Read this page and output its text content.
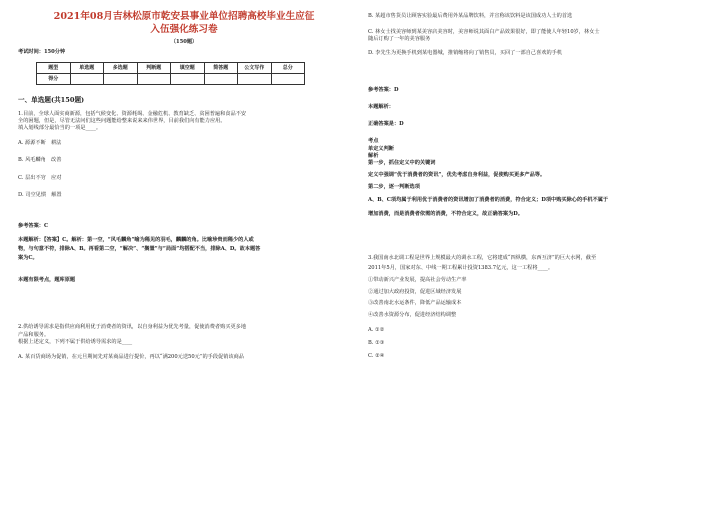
2021年08月吉林松原市乾安县事业单位招聘高校毕业生应征
入伍强化练习卷
（150题）
考试时间：150分钟
题型	单选题	多选题	判断题	填空题	简答题	公文写作	总分
得分							
一、单选题(共150题)
1.目前，全球人面实商新源，包括气候变化、资源耗竭、金融危机、教育缺乏、贫困普遍和食品不安
全的困题，但是，尽管无法问们这些问题能给整来说来来伟世界，目前我们向有能力应用。
填入划线部分最恰当的一项是____。
A. 源源不断　耕法
B. 风毛麟角　改善
C. 层出不穷　应对
D. 司空见惯　解置
参考答案：C
本题解析：【答案】C。解析：第一空，“风毛麟角”喻为稀见的羽毛，麟麟的角。比喻珍贵而稀少的人或
物，与句意不符，排除A、B。再看第二空，“解决”、“搁置”与“局面”均搭配不当，排除A、D。故本题答
案为C。
本题有限考点，题库原题
2.供给诱导需求是指供应商利用优于消费者的资讯，以自身利益为优先考量，促使消费者购买更多地
产品和服务。
根据上述定义，下列不属于供给诱导需求的是____
A. 某百货商场为促销，在元旦期间先对某商品进行提价，再以“满200元送50元”的手段促销该商品
B. 某超市售货员让顾客实验最后费用外某品牌饮料，并宣称该饮料是该国成功人士的首选
C. 林女士找美容师到某美容店美容时，美容师说其面白产品效果很好，即了能使人年轻10岁，林女士
随后订购了一年的美容服务
D. 李先生为更换手机到某电器城，推销缩将向了销售员，买回了一部自己喜欢的手机
参考答案：D
本题解析：
正确答案是：D
考点
单定义判断
解析
第一步，抓住定义中的关键词
定义中强调“优于消费者的资讯”，优先考虑自身利益，促使购买更多产品等。
第二步，逐一判断选项
A、B、C项均属于利用优于消费者的资讯增加了消费者的消费，符合定义；D项中购买除心的手机不属于
增加消费，而是消费者依需的消费，不符合定义，故正确答案为D。
3.我国南水北调工程是世界上规模最大的调水工程，它将建成“四纵横，东西互济”的巨大水网，截至
2011年5月，国家对东、中线一期工程累计投资1383.7亿元，这一工程将____。
①带动新兴产业发展，提高社会劳动生产率
②通过加大政府投资，促进区域经济发展
③改善南北水运条件，降低产品运输成本
④改善水资源分布，促进经济结构调整
A. ①②
B. ①③
C. ②④
